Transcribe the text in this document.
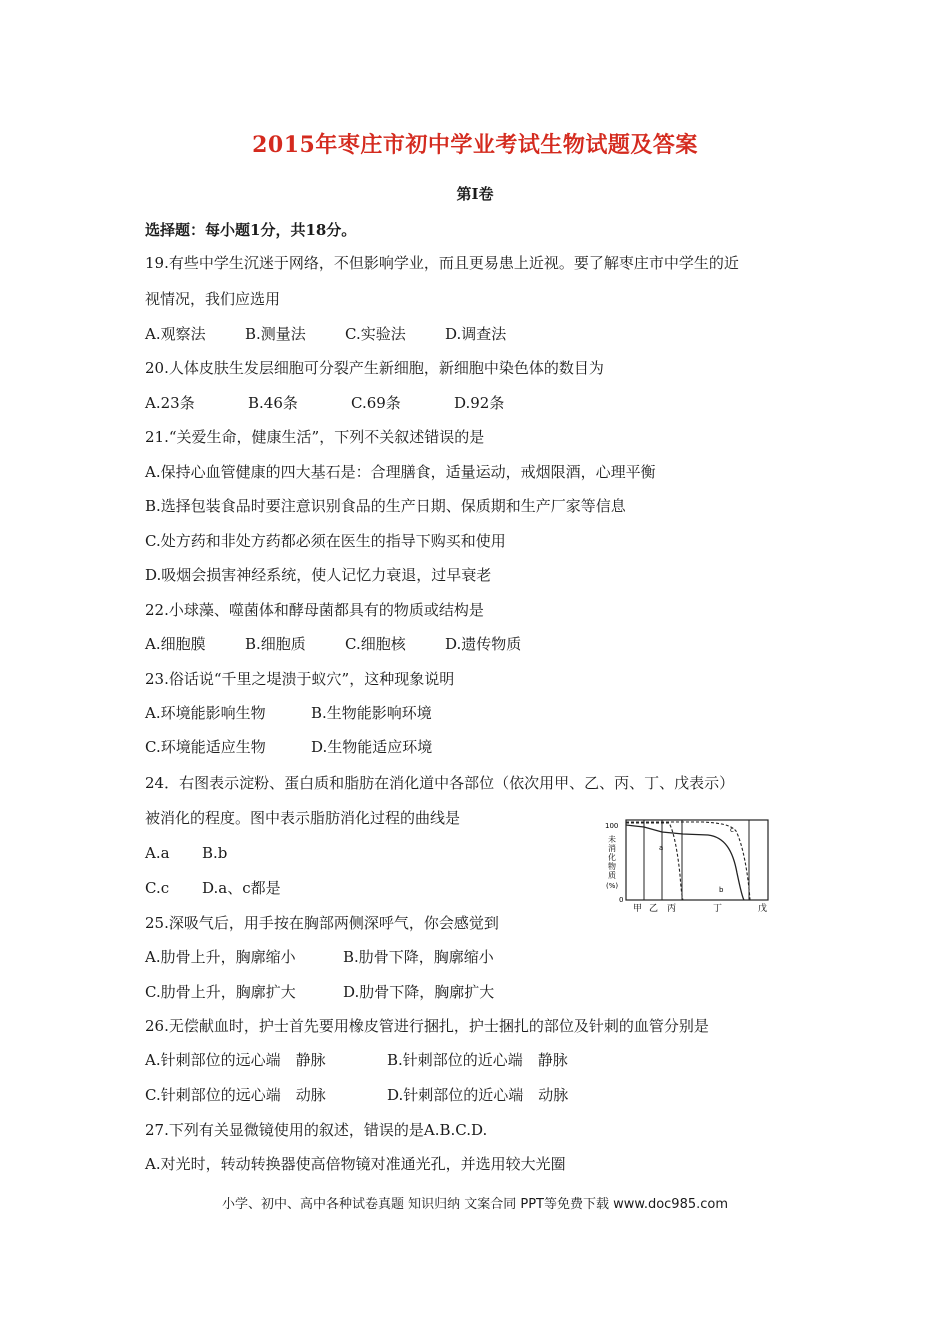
2015年枣庄市初中学业考试生物试题及答案
第Ⅰ卷
选择题：每小题1分，共18分。
19.有些中学生沉迷于网络，不但影响学业，而且更易患上近视。要了解枣庄市中学生的近
视情况，我们应选用
A.观察法	B.测量法	C.实验法	D.调查法
20.人体皮肤生发层细胞可分裂产生新细胞，新细胞中染色体的数目为
A.23条	B.46条	C.69条	D.92条
21.“关爱生命，健康生活”，下列不关叙述错误的是
A.保持心血管健康的四大基石是：合理膳食，适量运动，戒烟限酒，心理平衡
B.选择包装食品时要注意识别食品的生产日期、保质期和生产厂家等信息
C.处方药和非处方药都必须在医生的指导下购买和使用
D.吸烟会损害神经系统，使人记忆力衰退，过早衰老
22.小球藻、噬菌体和酵母菌都具有的物质或结构是
A.细胞膜	B.细胞质	C.细胞核	D.遗传物质
23.俗话说“千里之堤溃于蚁穴”，这种现象说明
A.环境能影响生物	B.生物能影响环境
C.环境能适应生物	D.生物能适应环境
24．右图表示淀粉、蛋白质和脂肪在消化道中各部位（依次用甲、乙、丙、丁、戊表示）
被消化的程度。图中表示脂肪消化过程的曲线是
A.a B.b
C.c D.a、c都是
100
0
未
消
化
物
质
(%)
a
b
c
甲 乙 丙	丁	戊
25.深吸气后，用手按在胸部两侧深呼气，你会感觉到
A.肋骨上升，胸廓缩小	B.肋骨下降，胸廓缩小
C.肋骨上升，胸廓扩大	D.肋骨下降，胸廓扩大
26.无偿献血时，护士首先要用橡皮管进行捆扎，护士捆扎的部位及针刺的血管分别是
A.针刺部位的远心端　静脉	B.针刺部位的近心端　静脉
C.针刺部位的远心端　动脉	D.针刺部位的近心端　动脉
27.下列有关显微镜使用的叙述，错误的是A.B.C.D.
A.对光时，转动转换器使高倍物镜对准通光孔，并选用较大光圈
小学、初中、高中各种试卷真题 知识归纳 文案合同 PPT等免费下载 www.doc985.com
